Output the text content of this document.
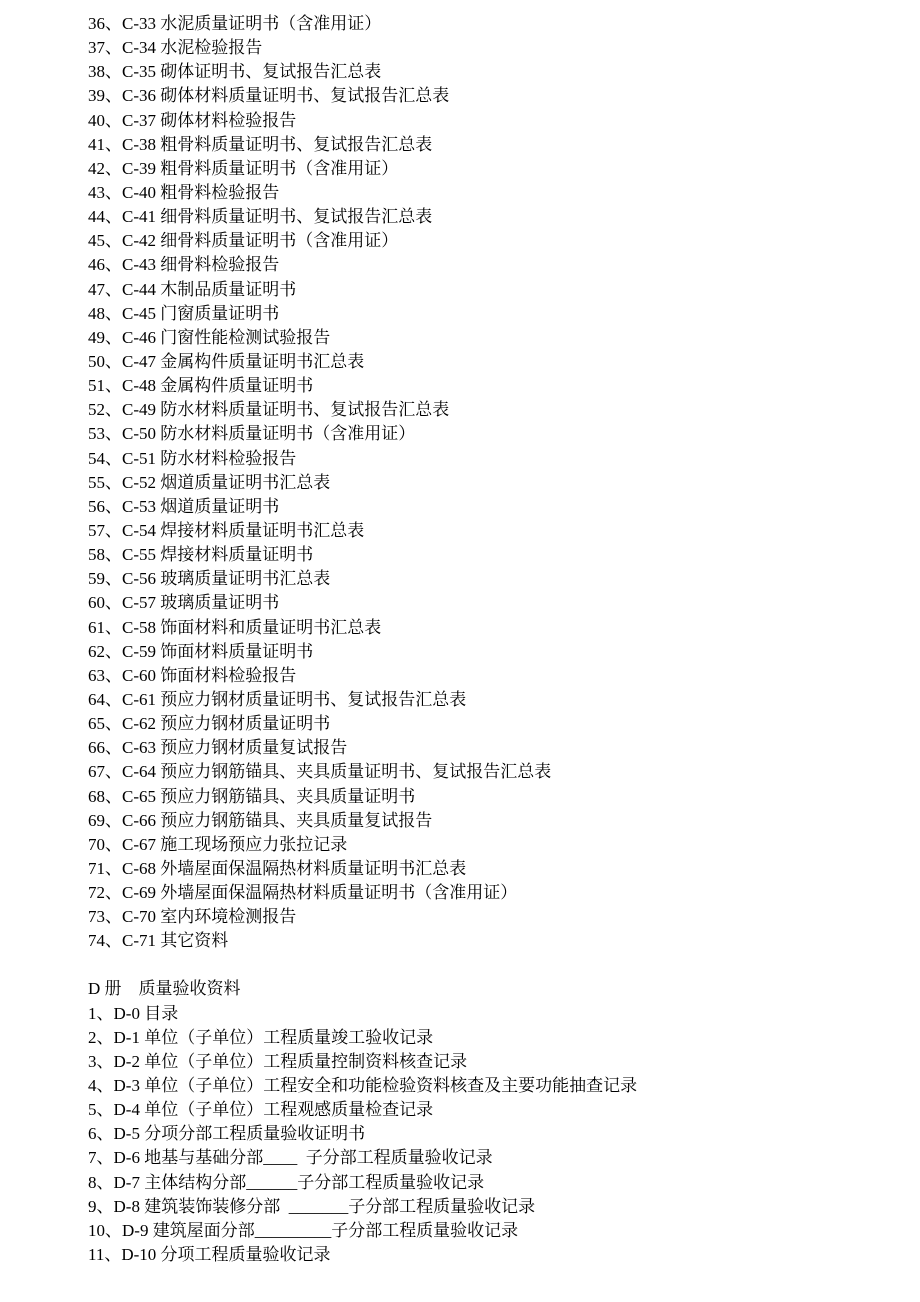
36、C-33 水泥质量证明书（含准用证）
37、C-34 水泥检验报告
38、C-35 砌体证明书、复试报告汇总表
39、C-36 砌体材料质量证明书、复试报告汇总表
40、C-37 砌体材料检验报告
41、C-38 粗骨料质量证明书、复试报告汇总表
42、C-39 粗骨料质量证明书（含准用证）
43、C-40 粗骨料检验报告
44、C-41 细骨料质量证明书、复试报告汇总表
45、C-42 细骨料质量证明书（含准用证）
46、C-43 细骨料检验报告
47、C-44 木制品质量证明书
48、C-45 门窗质量证明书
49、C-46 门窗性能检测试验报告
50、C-47 金属构件质量证明书汇总表
51、C-48 金属构件质量证明书
52、C-49 防水材料质量证明书、复试报告汇总表
53、C-50 防水材料质量证明书（含准用证）
54、C-51 防水材料检验报告
55、C-52 烟道质量证明书汇总表
56、C-53 烟道质量证明书
57、C-54 焊接材料质量证明书汇总表
58、C-55 焊接材料质量证明书
59、C-56 玻璃质量证明书汇总表
60、C-57 玻璃质量证明书
61、C-58 饰面材料和质量证明书汇总表
62、C-59 饰面材料质量证明书
63、C-60 饰面材料检验报告
64、C-61 预应力钢材质量证明书、复试报告汇总表
65、C-62 预应力钢材质量证明书
66、C-63 预应力钢材质量复试报告
67、C-64 预应力钢筋锚具、夹具质量证明书、复试报告汇总表
68、C-65 预应力钢筋锚具、夹具质量证明书
69、C-66 预应力钢筋锚具、夹具质量复试报告
70、C-67 施工现场预应力张拉记录
71、C-68 外墙屋面保温隔热材料质量证明书汇总表
72、C-69 外墙屋面保温隔热材料质量证明书（含准用证）
73、C-70 室内环境检测报告
74、C-71 其它资料
D 册    质量验收资料
1、D-0 目录
2、D-1 单位（子单位）工程质量竣工验收记录
3、D-2 单位（子单位）工程质量控制资料核查记录
4、D-3 单位（子单位）工程安全和功能检验资料核查及主要功能抽查记录
5、D-4 单位（子单位）工程观感质量检查记录
6、D-5 分项分部工程质量验收证明书
7、D-6 地基与基础分部____  子分部工程质量验收记录
8、D-7 主体结构分部______子分部工程质量验收记录
9、D-8 建筑装饰装修分部  _______子分部工程质量验收记录
10、D-9 建筑屋面分部_________子分部工程质量验收记录
11、D-10 分项工程质量验收记录
